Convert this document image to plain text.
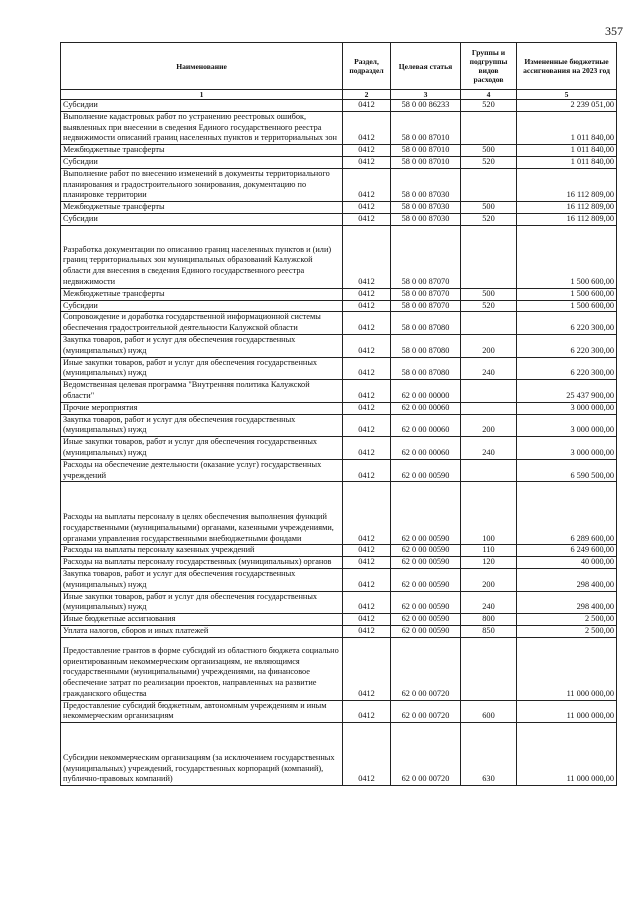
357
Наименование	Раздел, подраздел	Целевая статья	Группы и подгруппы видов расходов	Измененные бюджетные ассигнования на 2023 год
1	2	3	4	5
Субсидии	0412	58 0 00 86233	520	2 239 051,00
Выполнение кадастровых работ по устранению реестровых ошибок, выявленных при внесении в сведения Единого государственного реестра недвижимости описаний границ населенных пунктов и территориальных зон	0412	58 0 00 87010		1 011 840,00
Межбюджетные трансферты	0412	58 0 00 87010	500	1 011 840,00
Субсидии	0412	58 0 00 87010	520	1 011 840,00
Выполнение работ по внесению изменений в документы территориального планирования и градостроительного зонирования, документацию по планировке территории	0412	58 0 00 87030		16 112 809,00
Межбюджетные трансферты	0412	58 0 00 87030	500	16 112 809,00
Субсидии	0412	58 0 00 87030	520	16 112 809,00
Разработка документации по описанию границ населенных пунктов и (или) границ территориальных зон муниципальных образований Калужской области для внесения в сведения Единого государственного реестра недвижимости	0412	58 0 00 87070		1 500 600,00
Межбюджетные трансферты	0412	58 0 00 87070	500	1 500 600,00
Субсидии	0412	58 0 00 87070	520	1 500 600,00
Сопровождение и доработка государственной информационной системы обеспечения градостроительной деятельности Калужской области	0412	58 0 00 87080		6 220 300,00
Закупка товаров, работ и услуг для обеспечения государственных (муниципальных) нужд	0412	58 0 00 87080	200	6 220 300,00
Иные закупки товаров, работ и услуг для обеспечения государственных (муниципальных) нужд	0412	58 0 00 87080	240	6 220 300,00
Ведомственная целевая программа "Внутренняя политика Калужской области"	0412	62 0 00 00000		25 437 900,00
Прочие мероприятия	0412	62 0 00 00060		3 000 000,00
Закупка товаров, работ и услуг для обеспечения государственных (муниципальных) нужд	0412	62 0 00 00060	200	3 000 000,00
Иные закупки товаров, работ и услуг для обеспечения государственных (муниципальных) нужд	0412	62 0 00 00060	240	3 000 000,00
Расходы на обеспечение деятельности (оказание услуг) государственных учреждений	0412	62 0 00 00590		6 590 500,00
Расходы на выплаты персоналу в целях обеспечения выполнения функций государственными (муниципальными) органами, казенными учреждениями, органами управления государственными внебюджетными фондами	0412	62 0 00 00590	100	6 289 600,00
Расходы на выплаты персоналу казенных учреждений	0412	62 0 00 00590	110	6 249 600,00
Расходы на выплаты персоналу государственных (муниципальных) органов	0412	62 0 00 00590	120	40 000,00
Закупка товаров, работ и услуг для обеспечения государственных (муниципальных) нужд	0412	62 0 00 00590	200	298 400,00
Иные закупки товаров, работ и услуг для обеспечения государственных (муниципальных) нужд	0412	62 0 00 00590	240	298 400,00
Иные бюджетные ассигнования	0412	62 0 00 00590	800	2 500,00
Уплата налогов, сборов и иных платежей	0412	62 0 00 00590	850	2 500,00
Предоставление грантов в форме субсидий из областного бюджета социально ориентированным некоммерческим организациям, не являющимся государственными (муниципальными) учреждениями, на финансовое обеспечение затрат по реализации проектов, направленных на развитие гражданского общества	0412	62 0 00 00720		11 000 000,00
Предоставление субсидий бюджетным, автономным учреждениям и иным некоммерческим организациям	0412	62 0 00 00720	600	11 000 000,00
Субсидии некоммерческим организациям (за исключением государственных (муниципальных) учреждений, государственных корпораций (компаний), публично-правовых компаний)	0412	62 0 00 00720	630	11 000 000,00
